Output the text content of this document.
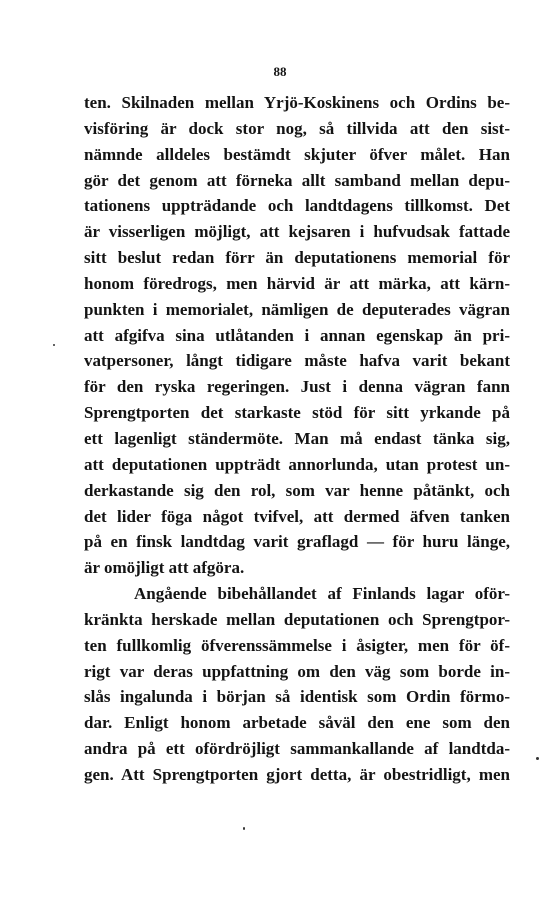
88

ten. Skilnaden mellan Yrjö-Koskinens och Ordins be-
visföring är dock stor nog, så tillvida att den sist-
nämnde alldeles bestämdt skjuter öfver målet. Han
gör det genom att förneka allt samband mellan depu-
tationens uppträdande och landtdagens tillkomst. Det
är visserligen möjligt, att kejsaren i hufvudsak fattade
sitt beslut redan förr än deputationens memorial för
honom föredrogs, men härvid är att märka, att kärn-
punkten i memorialet, nämligen de deputerades vägran
att afgifva sina utlåtanden i annan egenskap än pri-
vatpersoner, långt tidigare måste hafva varit bekant
för den ryska regeringen. Just i denna vägran fann
Sprengtporten det starkaste stöd för sitt yrkande på
ett lagenligt ständermöte. Man må endast tänka sig,
att deputationen uppträdt annorlunda, utan protest un-
derkastande sig den rol, som var henne påtänkt, och
det lider föga något tvifvel, att dermed äfven tanken
på en finsk landtdag varit graflagd — för huru länge,
är omöjligt att afgöra.

Angående bibehållandet af Finlands lagar oför-
kränkta herskade mellan deputationen och Sprengtpor-
ten fullkomlig öfverenssämmelse i åsigter, men för öf-
rigt var deras uppfattning om den väg som borde in-
slås ingalunda i början så identisk som Ordin förmo-
dar. Enligt honom arbetade såväl den ene som den
andra på ett ofördröjligt sammankallande af landtda-
gen. Att Sprengtporten gjort detta, är obestridligt, men
